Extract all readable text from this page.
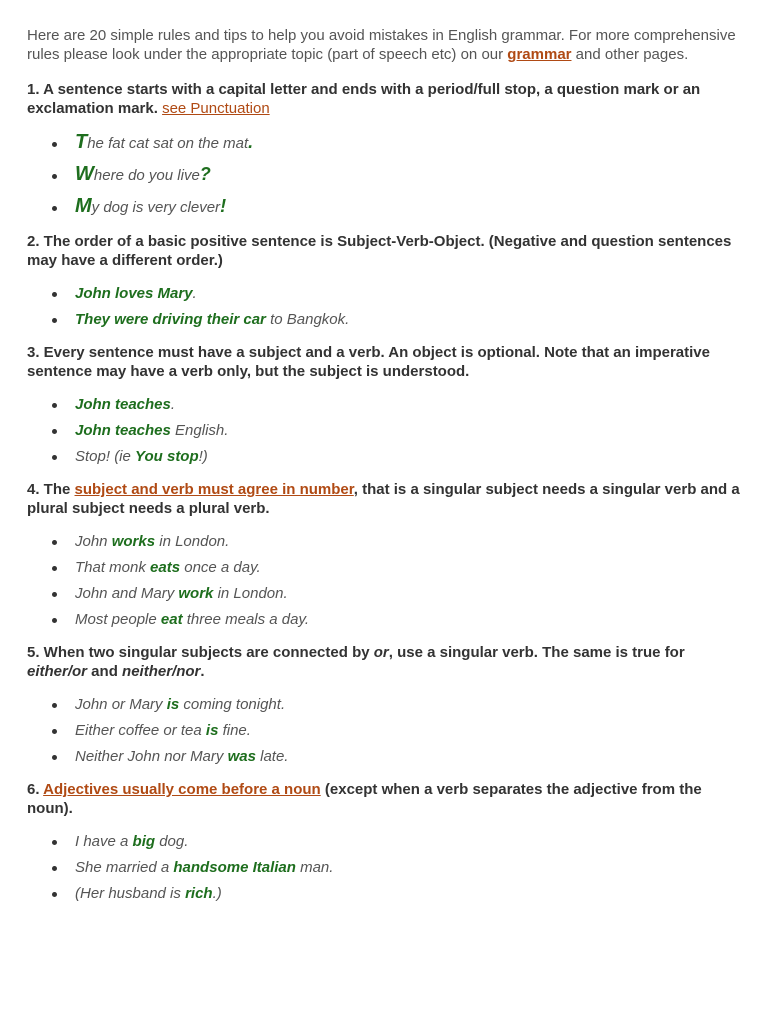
Here are 20 simple rules and tips to help you avoid mistakes in English grammar. For more comprehensive rules please look under the appropriate topic (part of speech etc) on our grammar and other pages.

1. A sentence starts with a capital letter and ends with a period/full stop, a question mark or an exclamation mark. see Punctuation

The fat cat sat on the mat.
Where do you live?
My dog is very clever!

2. The order of a basic positive sentence is Subject-Verb-Object. (Negative and question sentences may have a different order.)

John loves Mary.
They were driving their car to Bangkok.

3. Every sentence must have a subject and a verb. An object is optional. Note that an imperative sentence may have a verb only, but the subject is understood.

John teaches.
John teaches English.
Stop! (ie You stop!)

4. The subject and verb must agree in number, that is a singular subject needs a singular verb and a plural subject needs a plural verb.

John works in London.
That monk eats once a day.
John and Mary work in London.
Most people eat three meals a day.

5. When two singular subjects are connected by or, use a singular verb. The same is true for either/or and neither/nor.

John or Mary is coming tonight.
Either coffee or tea is fine.
Neither John nor Mary was late.

6. Adjectives usually come before a noun (except when a verb separates the adjective from the noun).

I have a big dog.
She married a handsome Italian man.
(Her husband is rich.)
